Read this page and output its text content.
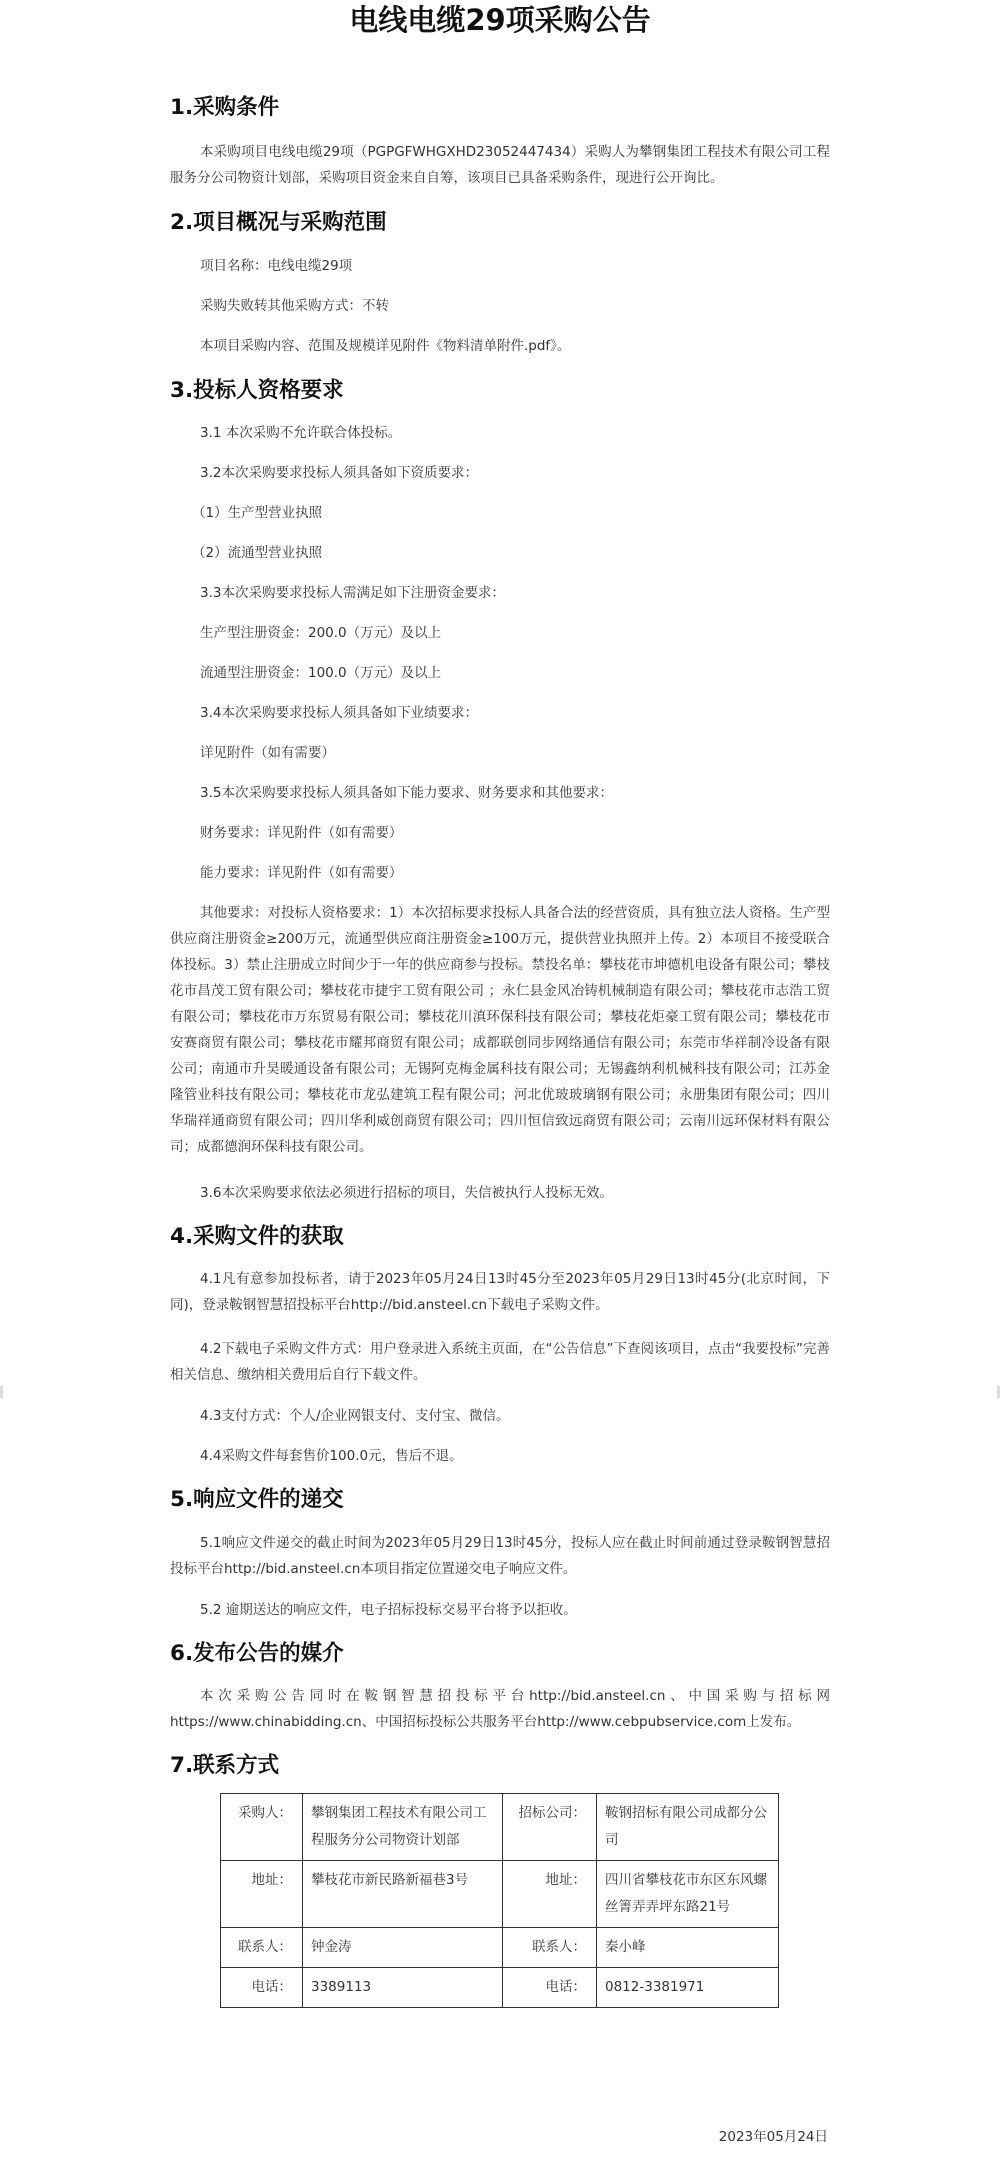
电线电缆29项采购公告
1.采购条件

本采购项目电线电缆29项（PGPGFWHGXHD23052447434）采购人为攀钢集团工程技术有限公司工程服务分公司物资计划部，采购项目资金来自自筹，该项目已具备采购条件，现进行公开询比。

2.项目概况与采购范围

项目名称：电线电缆29项

采购失败转其他采购方式：不转

本项目采购内容、范围及规模详见附件《物料清单附件.pdf》。

3.投标人资格要求

3.1 本次采购不允许联合体投标。

3.2本次采购要求投标人须具备如下资质要求：

（1）生产型营业执照

（2）流通型营业执照

3.3本次采购要求投标人需满足如下注册资金要求：

生产型注册资金：200.0（万元）及以上

流通型注册资金：100.0（万元）及以上

3.4本次采购要求投标人须具备如下业绩要求：

详见附件（如有需要）

3.5本次采购要求投标人须具备如下能力要求、财务要求和其他要求：

财务要求：详见附件（如有需要）

能力要求：详见附件（如有需要）

其他要求：对投标人资格要求：1）本次招标要求投标人具备合法的经营资质，具有独立法人资格。生产型供应商注册资金≥200万元，流通型供应商注册资金≥100万元，提供营业执照并上传。2）本项目不接受联合体投标。3）禁止注册成立时间少于一年的供应商参与投标。禁投名单：攀枝花市坤德机电设备有限公司；攀枝花市昌茂工贸有限公司；攀枝花市捷宇工贸有限公司 ；永仁县金风冶铸机械制造有限公司；攀枝花市志浩工贸有限公司；攀枝花市万东贸易有限公司；攀枝花川滇环保科技有限公司；攀枝花炬豪工贸有限公司；攀枝花市安赛商贸有限公司；攀枝花市耀邦商贸有限公司；成都联创同步网络通信有限公司；东莞市华祥制冷设备有限公司；南通市升昊暖通设备有限公司；无锡阿克梅金属科技有限公司；无锡鑫纳利机械科技有限公司；江苏金隆管业科技有限公司；攀枝花市龙弘建筑工程有限公司；河北优玻玻璃钢有限公司；永册集团有限公司；四川华瑞祥通商贸有限公司；四川华利威创商贸有限公司；四川恒信致远商贸有限公司；云南川远环保材料有限公司；成都德润环保科技有限公司。

3.6本次采购要求依法必须进行招标的项目，失信被执行人投标无效。

4.采购文件的获取

4.1凡有意参加投标者，请于2023年05月24日13时45分至2023年05月29日13时45分(北京时间，下同)，登录鞍钢智慧招投标平台http://bid.ansteel.cn下载电子采购文件。

4.2下载电子采购文件方式：用户登录进入系统主页面，在“公告信息”下查阅该项目，点击“我要投标”完善相关信息、缴纳相关费用后自行下载文件。

4.3支付方式：个人/企业网银支付、支付宝、微信。

4.4采购文件每套售价100.0元，售后不退。

5.响应文件的递交

5.1响应文件递交的截止时间为2023年05月29日13时45分，投标人应在截止时间前通过登录鞍钢智慧招投标平台http://bid.ansteel.cn本项目指定位置递交电子响应文件。

5.2 逾期送达的响应文件，电子招标投标交易平台将予以拒收。

6.发布公告的媒介

本次采购公告同时在鞍钢智慧招投标平台http://bid.ansteel.cn、中国采购与招标网https://www.chinabidding.cn、中国招标投标公共服务平台http://www.cebpubservice.com上发布。

7.联系方式
采购人：	攀钢集团工程技术有限公司工程服务分公司物资计划部	招标公司：	鞍钢招标有限公司成都分公司
地址：	攀枝花市新民路新福巷3号	地址：	四川省攀枝花市东区东风螺丝箐弄弄坪东路21号
联系人：	钟金涛	联系人：	秦小峰
电话：	3389113	电话：	0812-3381971

2023年05月24日
